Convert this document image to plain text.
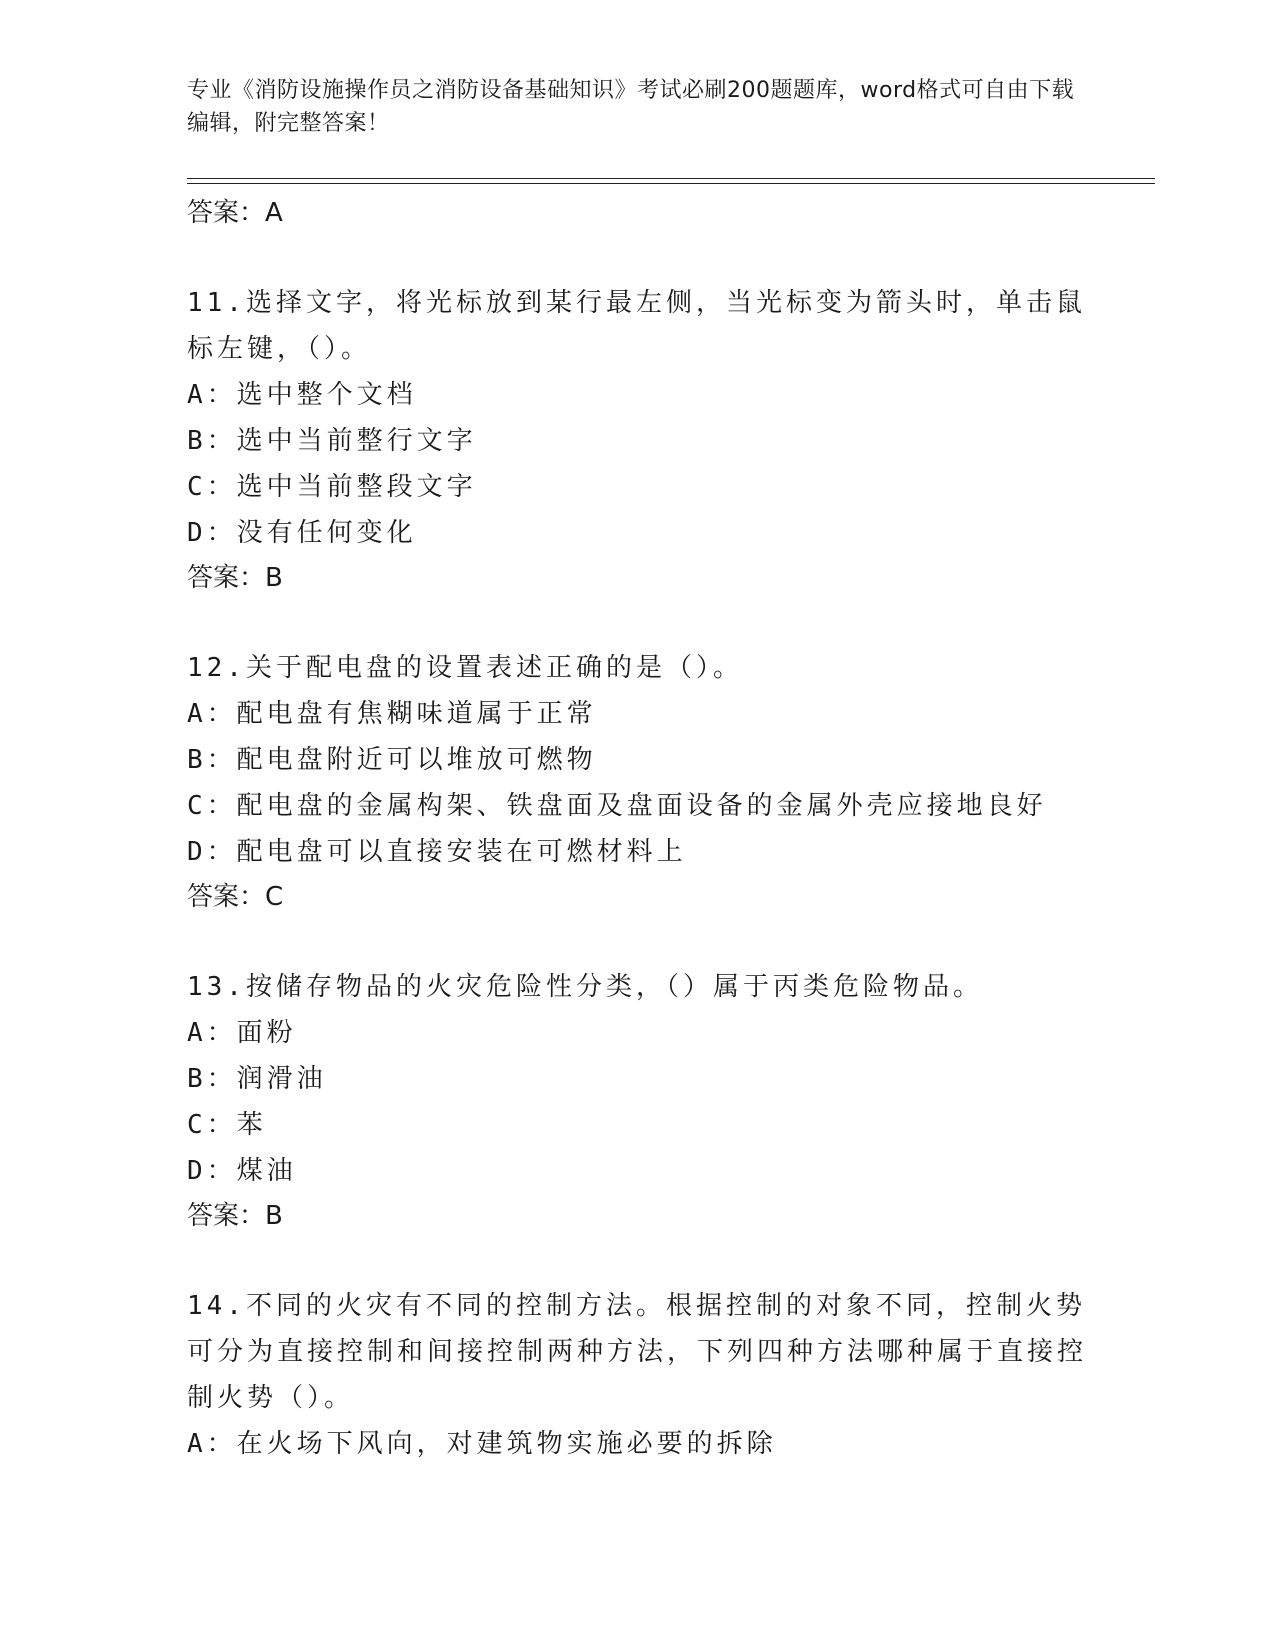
专业《消防设施操作员之消防设备基础知识》考试必刷200题题库，word格式可自由下载编辑，附完整答案！
答案：A

11.选择文字，将光标放到某行最左侧，当光标变为箭头时，单击鼠标左键，（）。

A：选中整个文档

B：选中当前整行文字

C：选中当前整段文字

D：没有任何变化

答案：B

12.关于配电盘的设置表述正确的是（）。

A：配电盘有焦糊味道属于正常

B：配电盘附近可以堆放可燃物

C：配电盘的金属构架、铁盘面及盘面设备的金属外壳应接地良好

D：配电盘可以直接安装在可燃材料上

答案：C

13.按储存物品的火灾危险性分类，（）属于丙类危险物品。

A：面粉

B：润滑油

C：苯

D：煤油

答案：B

14.不同的火灾有不同的控制方法。根据控制的对象不同，控制火势可分为直接控制和间接控制两种方法，下列四种方法哪种属于直接控制火势（）。

A：在火场下风向，对建筑物实施必要的拆除
